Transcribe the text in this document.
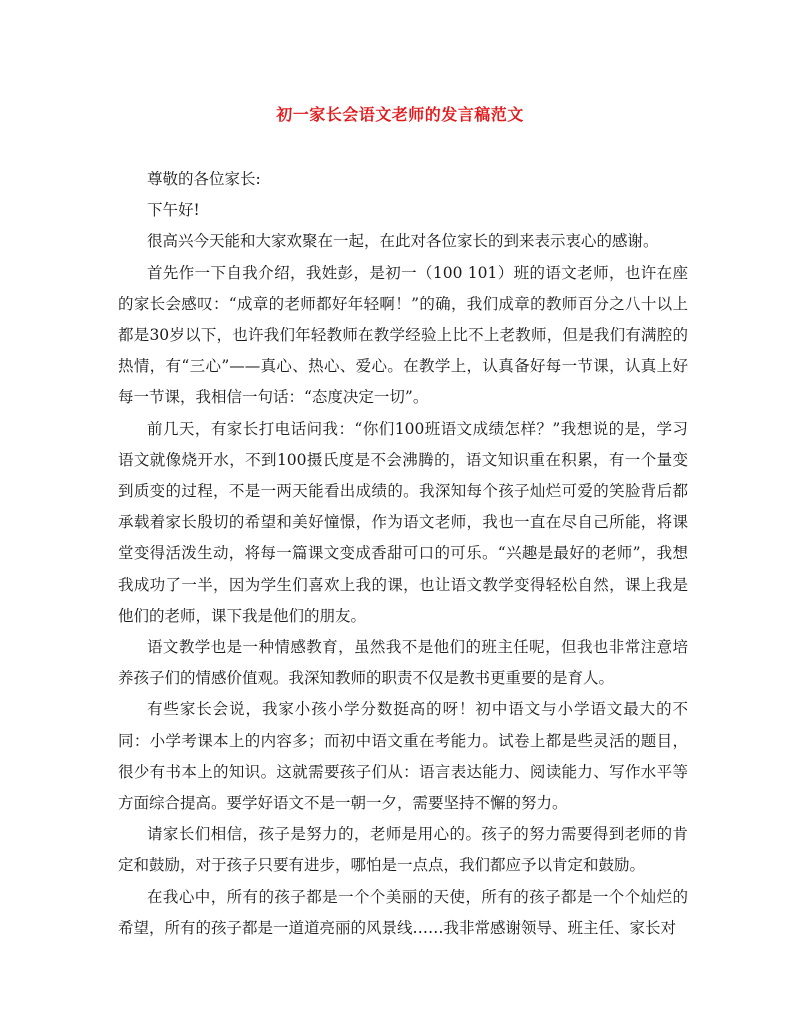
初一家长会语文老师的发言稿范文

尊敬的各位家长:

下午好!

很高兴今天能和大家欢聚在一起，在此对各位家长的到来表示衷心的感谢。

首先作一下自我介绍，我姓彭，是初一（100 101）班的语文老师，也许在座的家长会感叹：“成章的老师都好年轻啊！”的确，我们成章的教师百分之八十以上都是30岁以下，也许我们年轻教师在教学经验上比不上老教师，但是我们有满腔的热情，有“三心”——真心、热心、爱心。在教学上，认真备好每一节课，认真上好每一节课，我相信一句话：“态度决定一切”。

前几天，有家长打电话问我：“你们100班语文成绩怎样？”我想说的是，学习语文就像烧开水，不到100摄氏度是不会沸腾的，语文知识重在积累，有一个量变到质变的过程，不是一两天能看出成绩的。我深知每个孩子灿烂可爱的笑脸背后都承载着家长殷切的希望和美好憧憬，作为语文老师，我也一直在尽自己所能，将课堂变得活泼生动，将每一篇课文变成香甜可口的可乐。“兴趣是最好的老师”，我想我成功了一半，因为学生们喜欢上我的课，也让语文教学变得轻松自然，课上我是他们的老师，课下我是他们的朋友。

语文教学也是一种情感教育，虽然我不是他们的班主任呢，但我也非常注意培养孩子们的情感价值观。我深知教师的职责不仅是教书更重要的是育人。

有些家长会说，我家小孩小学分数挺高的呀！初中语文与小学语文最大的不同：小学考课本上的内容多；而初中语文重在考能力。试卷上都是些灵活的题目，很少有书本上的知识。这就需要孩子们从：语言表达能力、阅读能力、写作水平等方面综合提高。要学好语文不是一朝一夕，需要坚持不懈的努力。

请家长们相信，孩子是努力的，老师是用心的。孩子的努力需要得到老师的肯定和鼓励，对于孩子只要有进步，哪怕是一点点，我们都应予以肯定和鼓励。

在我心中，所有的孩子都是一个个美丽的天使，所有的孩子都是一个个灿烂的希望，所有的孩子都是一道道亮丽的风景线……我非常感谢领导、班主任、家长对
